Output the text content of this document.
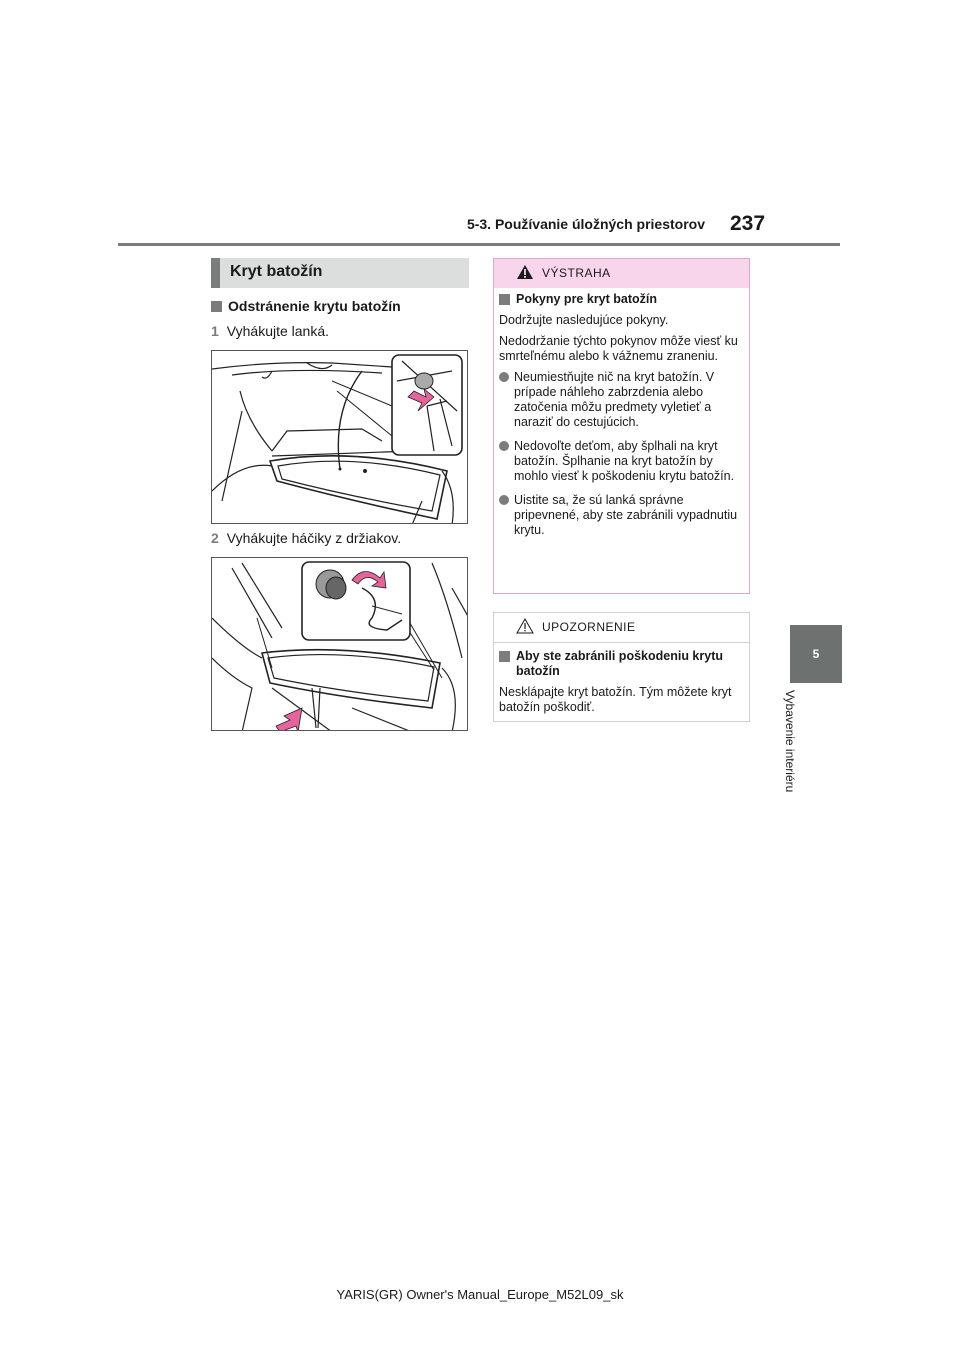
5-3. Používanie úložných priestorov 237
5
Vybavenie interiéru
Kryt batožín
Odstránenie krytu batožín
1 Vyhákujte lanká.
2 Vyhákujte háčiky z držiakov.
VÝSTRAHA
Pokyny pre kryt batožín

Dodržujte nasledujúce pokyny.

Nedodržanie týchto pokynov môže viesť ku smrteľnému alebo k vážnemu zraneniu.

Neumiestňujte nič na kryt batožín. V prípade náhleho zabrzdenia alebo zatočenia môžu predmety vyletieť a naraziť do cestujúcich.
Nedovoľte deťom, aby šplhali na kryt batožín. Šplhanie na kryt batožín by mohlo viesť k poškodeniu krytu batožín.
Uistite sa, že sú lanká správne pripevnené, aby ste zabránili vypadnutiu krytu.
UPOZORNENIE
Aby ste zabránili poškodeniu krytu batožín

Nesklápajte kryt batožín. Tým môžete kryt batožín poškodiť.

YARIS(GR) Owner's Manual_Europe_M52L09_sk
